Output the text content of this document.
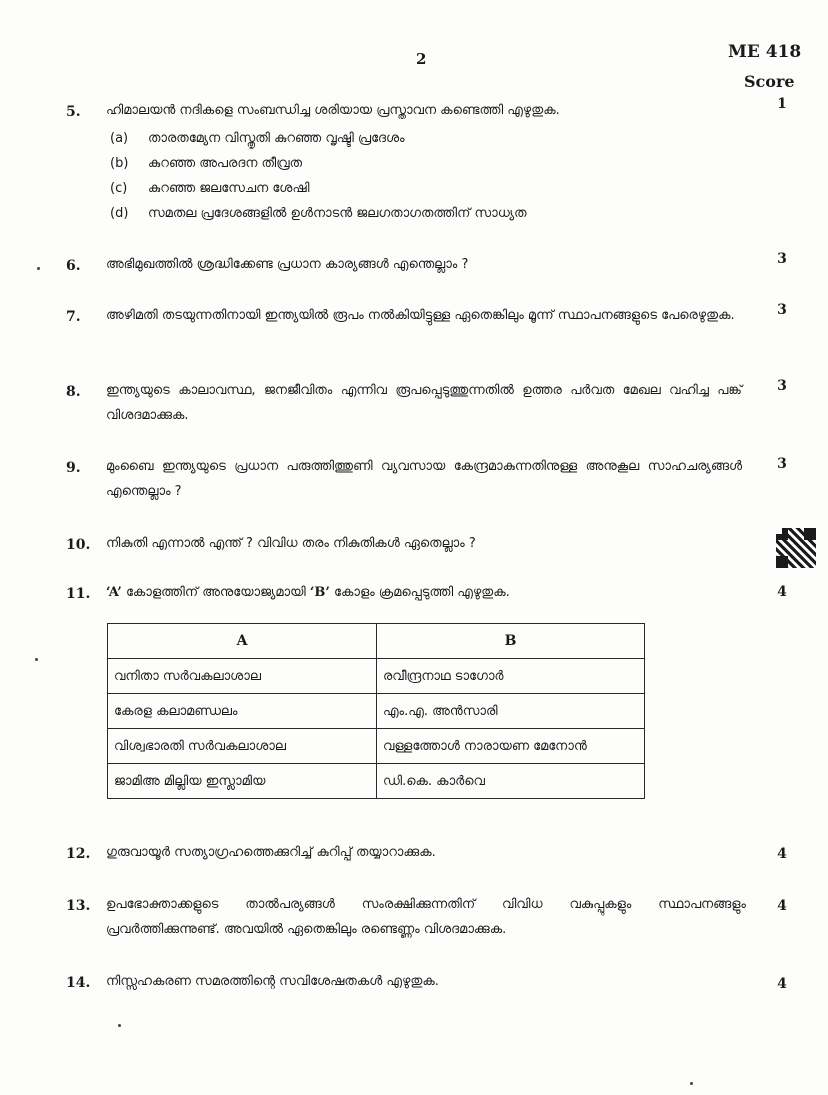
2	ME 418
Score
5. ഹിമാലയൻ നദികളെ സംബന്ധിച്ച ശരിയായ പ്രസ്താവന കണ്ടെത്തി എഴുതുക.	1
(a) താരതമ്യേന വിസ്തൃതി കുറഞ്ഞ വൃഷ്ടി പ്രദേശം
(b) കുറഞ്ഞ അപരദന തീവ്രത
(c) കുറഞ്ഞ ജലസേചന ശേഷി
(d) സമതല പ്രദേശങ്ങളിൽ ഉൾനാടൻ ജലഗതാഗതത്തിന് സാധ്യത
6. അഭിമുഖത്തിൽ ശ്രദ്ധിക്കേണ്ട പ്രധാന കാര്യങ്ങൾ എന്തെല്ലാം ?	3
7. അഴിമതി തടയുന്നതിനായി ഇന്ത്യയിൽ രൂപം നൽകിയിട്ടുള്ള ഏതെങ്കിലും മൂന്ന് സ്ഥാപനങ്ങളുടെ പേരെഴുതുക.	3
8. ഇന്ത്യയുടെ കാലാവസ്ഥ, ജനജീവിതം എന്നിവ രൂപപ്പെടുത്തുന്നതിൽ ഉത്തര പർവത മേഖല വഹിച്ച പങ്ക് വിശദമാക്കുക.
3
9. മുംബൈ ഇന്ത്യയുടെ പ്രധാന പരുത്തിത്തുണി വ്യവസായ കേന്ദ്രമാകുന്നതിനുള്ള അനുകൂല സാഹചര്യങ്ങൾ എന്തെല്ലാം ?
3
10. നികുതി എന്നാൽ എന്ത് ? വിവിധ തരം നികുതികൾ ഏതെല്ലാം ?
11. ‘A’ കോളത്തിന് അനുയോജ്യമായി ‘B’ കോളം ക്രമപ്പെടുത്തി എഴുതുക.	4
A	B
വനിതാ സർവകലാശാല	രവീന്ദ്രനാഥ ടാഗോർ
കേരള കലാമണ്ഡലം	എം.എ. അൻസാരി
വിശ്വഭാരതി സർവകലാശാല	വള്ളത്തോൾ നാരായണ മേനോൻ
ജാമിഅ മില്ലിയ ഇസ്ലാമിയ	ഡി.കെ. കാർവെ
12. ഗുരുവായൂർ സത്യാഗ്രഹത്തെക്കുറിച്ച് കുറിപ്പ് തയ്യാറാക്കുക.	4
13. ഉപഭോക്താക്കളുടെ താൽപര്യങ്ങൾ സംരക്ഷിക്കുന്നതിന് വിവിധ വകുപ്പുകളും സ്ഥാപനങ്ങളും പ്രവർത്തിക്കുന്നുണ്ട്. അവയിൽ ഏതെങ്കിലും രണ്ടെണ്ണം വിശദമാക്കുക.
4
14. നിസ്സഹകരണ സമരത്തിന്റെ സവിശേഷതകൾ എഴുതുക.	4
